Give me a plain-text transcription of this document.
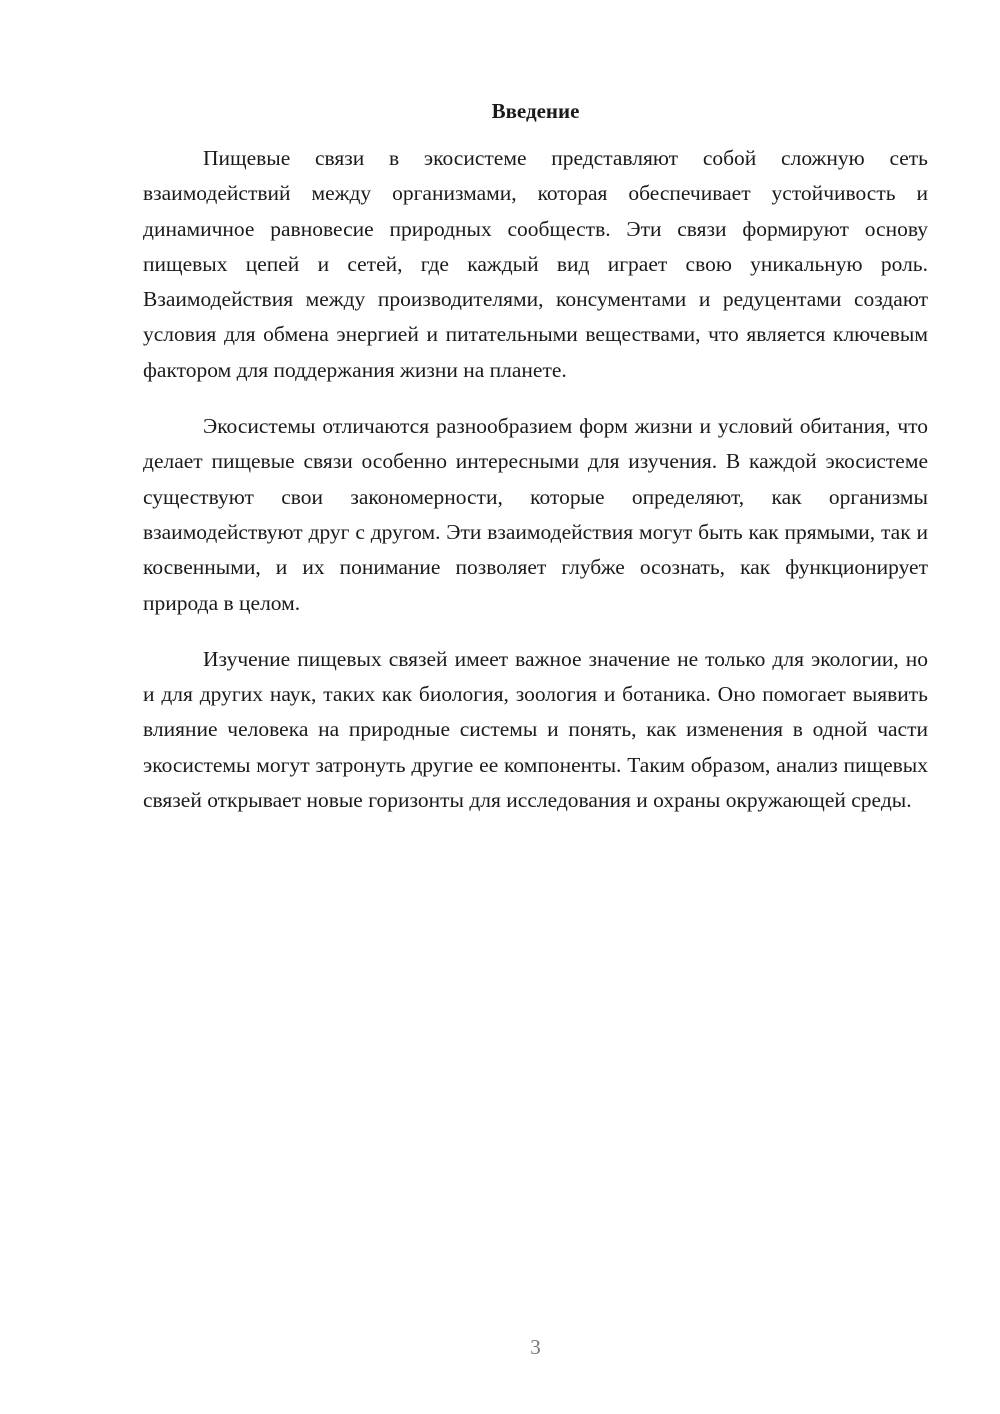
Введение

Пищевые связи в экосистеме представляют собой сложную сеть взаимодействий между организмами, которая обеспечивает устойчивость и динамичное равновесие природных сообществ. Эти связи формируют основу пищевых цепей и сетей, где каждый вид играет свою уникальную роль. Взаимодействия между производителями, консументами и редуцентами создают условия для обмена энергией и питательными веществами, что является ключевым фактором для поддержания жизни на планете.

Экосистемы отличаются разнообразием форм жизни и условий обитания, что делает пищевые связи особенно интересными для изучения. В каждой экосистеме существуют свои закономерности, которые определяют, как организмы взаимодействуют друг с другом. Эти взаимодействия могут быть как прямыми, так и косвенными, и их понимание позволяет глубже осознать, как функционирует природа в целом.

Изучение пищевых связей имеет важное значение не только для экологии, но и для других наук, таких как биология, зоология и ботаника. Оно помогает выявить влияние человека на природные системы и понять, как изменения в одной части экосистемы могут затронуть другие ее компоненты. Таким образом, анализ пищевых связей открывает новые горизонты для исследования и охраны окружающей среды.

3
